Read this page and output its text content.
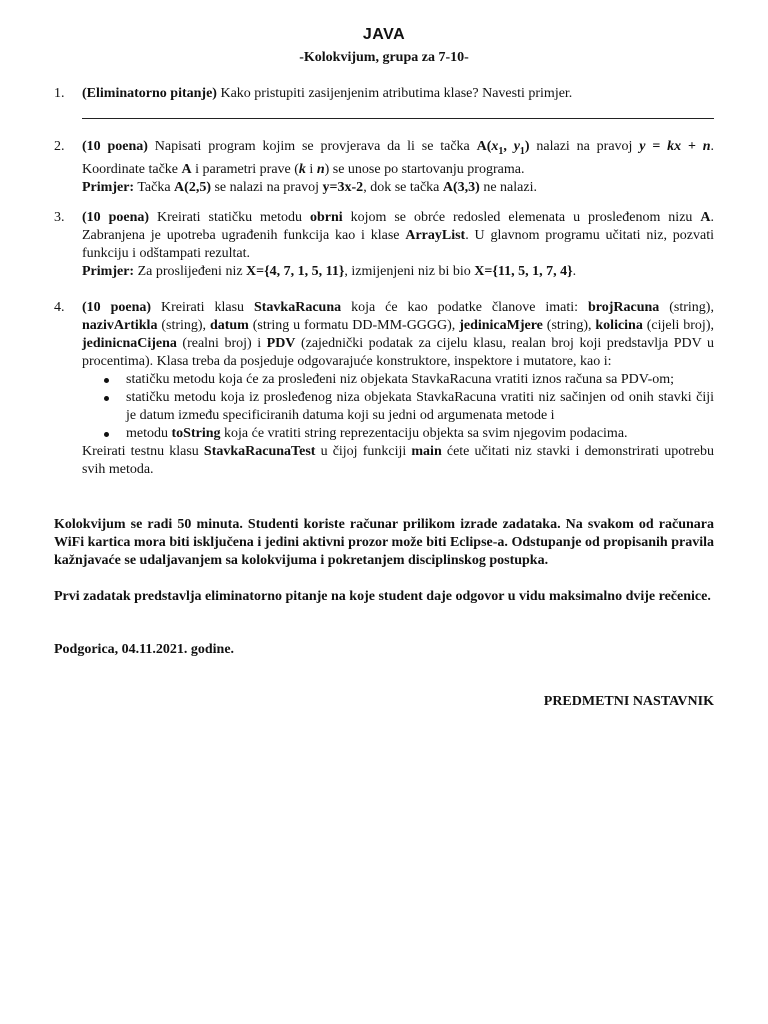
JAVA
-Kolokvijum, grupa za 7-10-
1.	(Eliminatorno pitanje) Kako pristupiti zasijenjenim atributima klase? Navesti primjer.

2.	(10 poena) Napisati program kojim se provjerava da li se tačka $A(x_1$, $y_1$) nalazi na pravoj y = kx + n. Koordinate tačke A i parametri prave (k i n) se unose po startovanju programa.

Primjer: Tačka A(2,5) se nalazi na pravoj y=3x-2, dok se tačka A(3,3) ne nalazi.

3.	(10 poena) Kreirati statičku metodu obrni kojom se obrće redosled elemenata u prosleđenom nizu A. Zabranjena je upotreba ugrađenih funkcija kao i klase ArrayList. U glavnom programu učitati niz, pozvati funkciju i odštampati rezultat.

Primjer: Za proslijeđeni niz X={4, 7, 1, 5, 11}, izmijenjeni niz bi bio X={11, 5, 1, 7, 4}.

4.	(10 poena) Kreirati klasu StavkaRacuna koja će kao podatke članove imati: brojRacuna (string), nazivArtikla (string), datum (string u formatu DD-MM-GGGG), jedinicaMjere (string), kolicina (cijeli broj), jedinicnaCijena (realni broj) i PDV (zajednički podatak za cijelu klasu, realan broj koji predstavlja PDV u procentima). Klasa treba da posjeduje odgovarajuće konstruktore, inspektore i mutatore, kao i:

statičku metodu koja će za prosleđeni niz objekata StavkaRacuna vratiti iznos računa sa PDV-om;
statičku metodu koja iz prosleđenog niza objekata StavkaRacuna vratiti niz sačinjen od onih stavki čiji je datum između specificiranih datuma koji su jedni od argumenata metode i
metodu toString koja će vratiti string reprezentaciju objekta sa svim njegovim podacima.

Kreirati testnu klasu StavkaRacunaTest u čijoj funkciji main ćete učitati niz stavki i demonstrirati upotrebu svih metoda.

Kolokvijum se radi 50 minuta. Studenti koriste računar prilikom izrade zadataka. Na svakom od računara WiFi kartica mora biti isključena i jedini aktivni prozor može biti Eclipse-a. Odstupanje od propisanih pravila kažnjavaće se udaljavanjem sa kolokvijuma i pokretanjem disciplinskog postupka.
Prvi zadatak predstavlja eliminatorno pitanje na koje student daje odgovor u vidu maksimalno dvije rečenice.
Podgorica, 04.11.2021. godine.
PREDMETNI NASTAVNIK
